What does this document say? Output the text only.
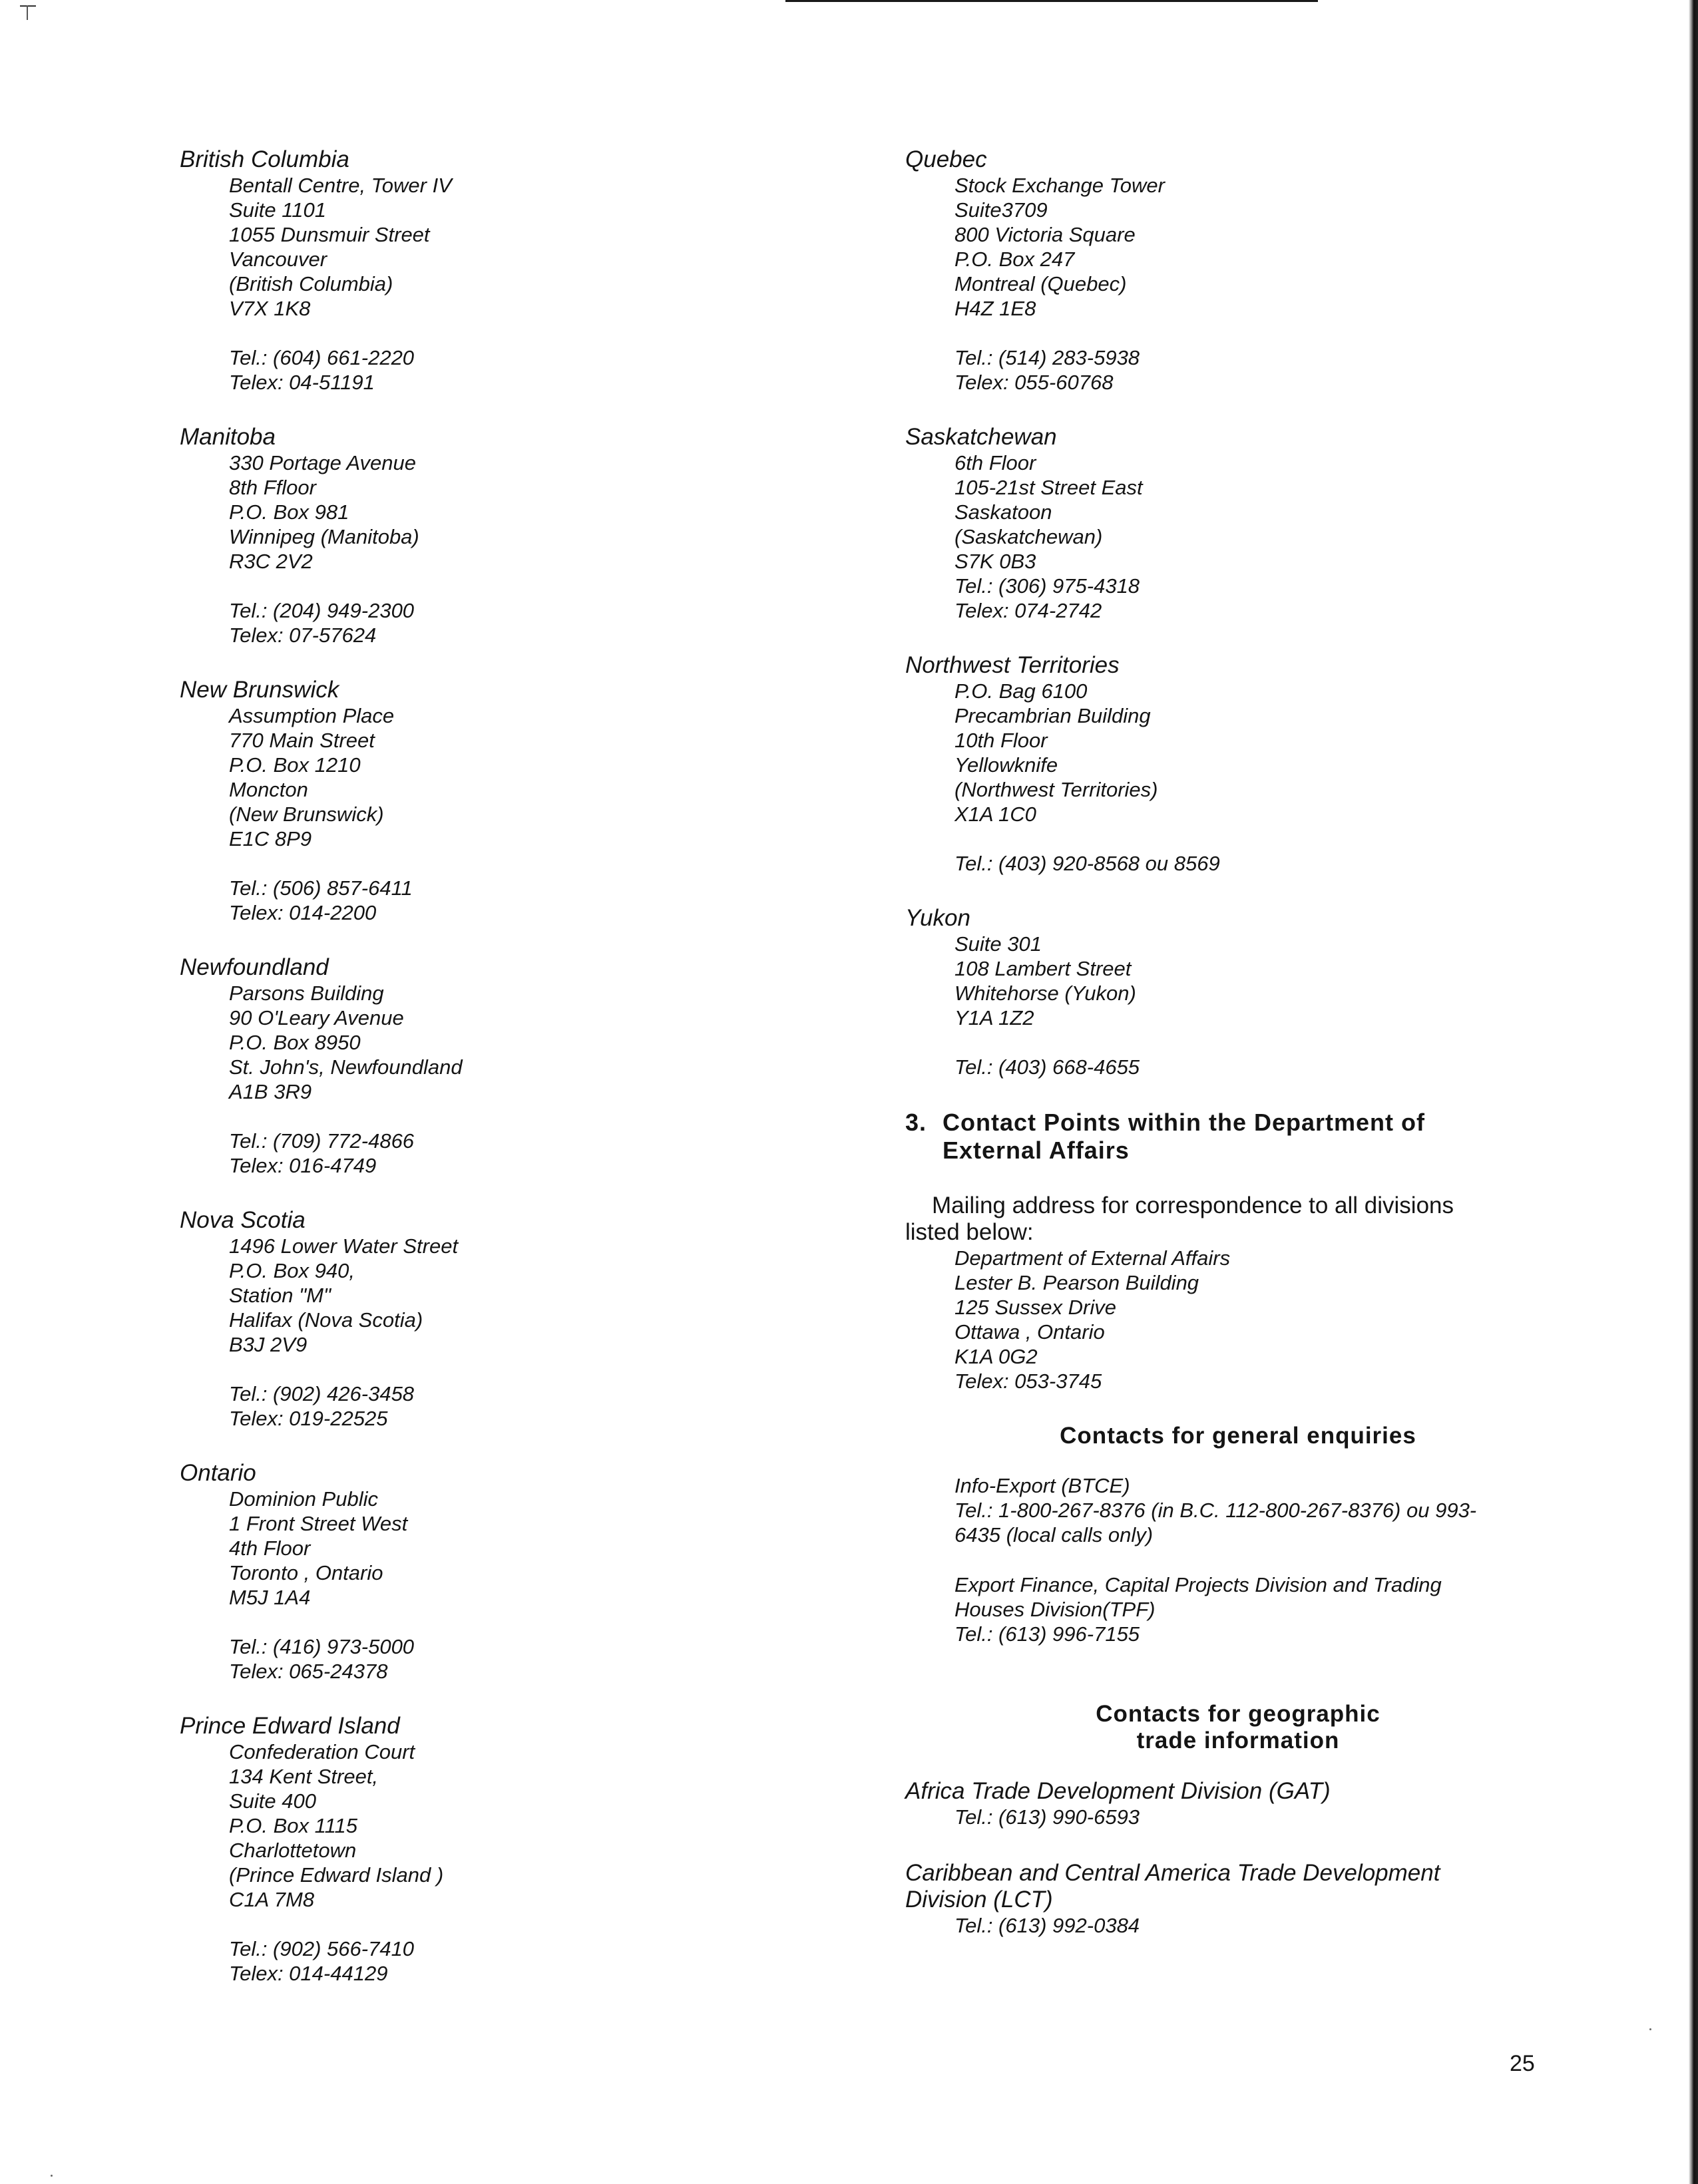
British Columbia

Bentall Centre, Tower IV
Suite 1101
1055 Dunsmuir Street
Vancouver
(British Columbia)
V7X 1K8
Tel.: (604) 661-2220
Telex: 04-51191

Manitoba

330 Portage Avenue
8th Ffloor
P.O. Box 981
Winnipeg (Manitoba)
R3C 2V2
Tel.: (204) 949-2300
Telex: 07-57624

New Brunswick

Assumption Place
770 Main Street
P.O. Box 1210
Moncton
(New Brunswick)
E1C 8P9
Tel.: (506) 857-6411
Telex: 014-2200

Newfoundland

Parsons Building
90 O'Leary Avenue
P.O. Box 8950
St. John's, Newfoundland
A1B 3R9
Tel.: (709) 772-4866
Telex: 016-4749

Nova Scotia

1496 Lower Water Street
P.O. Box 940,
Station "M"
Halifax (Nova Scotia)
B3J 2V9
Tel.: (902) 426-3458
Telex: 019-22525

Ontario

Dominion Public
1 Front Street West
4th Floor
Toronto , Ontario
M5J 1A4
Tel.: (416) 973-5000
Telex: 065-24378

Prince Edward Island

Confederation Court
134 Kent Street,
Suite 400
P.O. Box 1115
Charlottetown
(Prince Edward Island )
C1A 7M8
Tel.: (902) 566-7410
Telex: 014-44129

Quebec

Stock Exchange Tower
Suite3709
800 Victoria Square
P.O. Box 247
Montreal (Quebec)
H4Z 1E8
Tel.: (514) 283-5938
Telex: 055-60768

Saskatchewan

6th Floor
105-21st Street East
Saskatoon
(Saskatchewan)
S7K 0B3
Tel.: (306) 975-4318
Telex: 074-2742

Northwest Territories

P.O. Bag 6100
Precambrian Building
10th Floor
Yellowknife
(Northwest Territories)
X1A 1C0
Tel.: (403) 920-8568 ou 8569

Yukon

Suite 301
108 Lambert Street
Whitehorse (Yukon)
Y1A 1Z2
Tel.: (403) 668-4655
3. Contact Points within the Department of
External Affairs
Mailing address for correspondence to all divisions
listed below:
Department of External Affairs
Lester B. Pearson Building
125 Sussex Drive
Ottawa , Ontario
K1A 0G2
Telex: 053-3745
Contacts for general enquiries
Info-Export (BTCE)
Tel.: 1-800-267-8376 (in B.C. 112-800-267-8376) ou 993-
6435 (local calls only)
Export Finance, Capital Projects Division and Trading
Houses Division(TPF)
Tel.: (613) 996-7155
Contacts for geographic
trade information

Africa Trade Development Division (GAT)

Tel.: (613) 990-6593

Caribbean and Central America Trade Development

Division (LCT)

Tel.: (613) 992-0384

25
